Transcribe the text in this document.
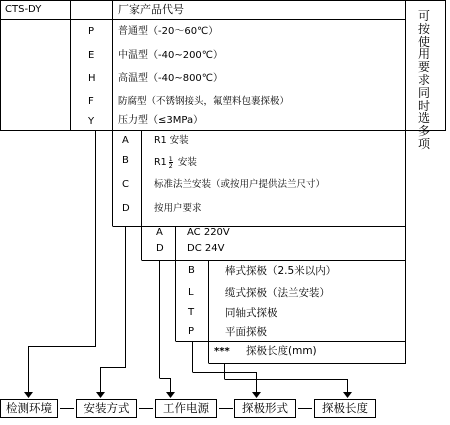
CTS-DY	厂家产品代号	可按使用要求同时选多项
P 普通型（-20～60℃）
E 中温型（-40~200℃）
H 高温型（-40~800℃）
F	防腐型（不锈钢接头，氟塑料包裹探极）
Y 压力型（≤3MPa）
A	R1 安装
B	$R1 \frac{1}{2}$ 安装
C	标准法兰安装（或按用户提供法兰尺寸）
D	按用户要求
A AC 220V
D DC 24V
B	棒式探极（2.5米以内）
L	缆式探极（法兰安装）
T	同轴式探极
P	平面探极
*** 探极长度(mm)
检测环境	安装方式	工作电源	探极形式	探极长度
